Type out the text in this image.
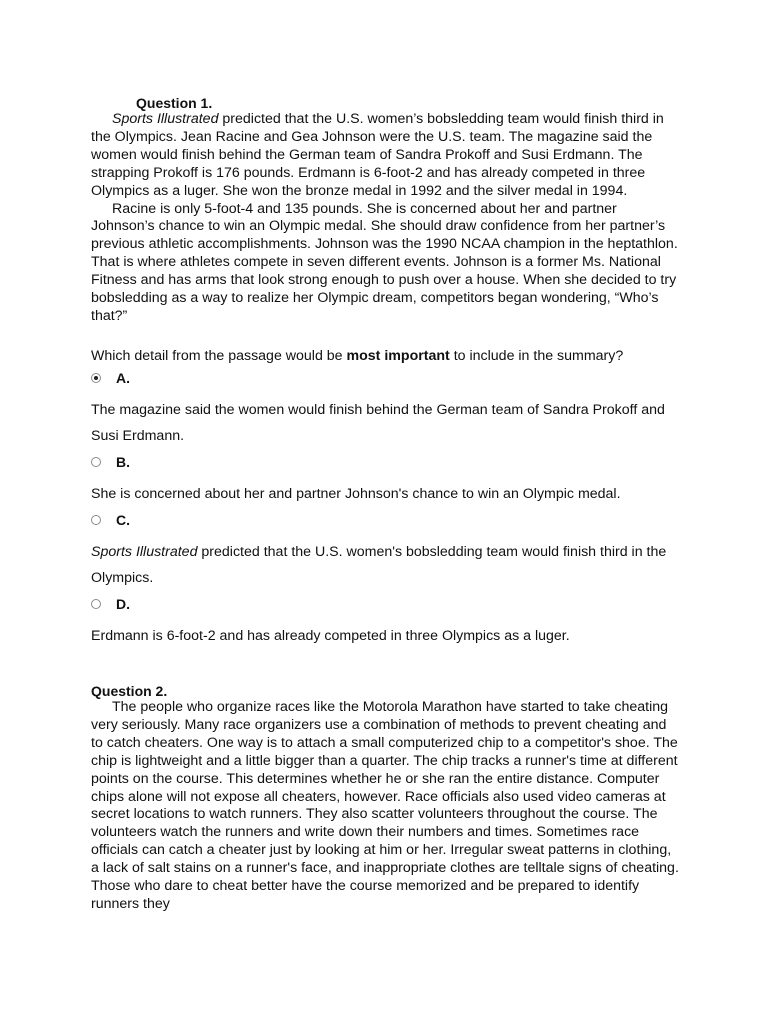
Question 1.

Sports Illustrated predicted that the U.S. women’s bobsledding team would finish third in the Olympics. Jean Racine and Gea Johnson were the U.S. team. The magazine said the women would finish behind the German team of Sandra Prokoff and Susi Erdmann. The strapping Prokoff is 176 pounds. Erdmann is 6-foot-2 and has already competed in three Olympics as a luger. She won the bronze medal in 1992 and the silver medal in 1994.

Racine is only 5-foot-4 and 135 pounds. She is concerned about her and partner Johnson’s chance to win an Olympic medal. She should draw confidence from her partner’s previous athletic accomplishments. Johnson was the 1990 NCAA champion in the heptathlon. That is where athletes compete in seven different events. Johnson is a former Ms. National Fitness and has arms that look strong enough to push over a house. When she decided to try bobsledding as a way to realize her Olympic dream, competitors began wondering, “Who’s that?”

Which detail from the passage would be most important to include in the summary?
A.
The magazine said the women would finish behind the German team of Sandra Prokoff and Susi Erdmann.
B.
She is concerned about her and partner Johnson's chance to win an Olympic medal.
C.
Sports Illustrated predicted that the U.S. women's bobsledding team would finish third in the Olympics.
D.
Erdmann is 6-foot-2 and has already competed in three Olympics as a luger.
Question 2.

The people who organize races like the Motorola Marathon have started to take cheating very seriously. Many race organizers use a combination of methods to prevent cheating and to catch cheaters. One way is to attach a small computerized chip to a competitor's shoe. The chip is lightweight and a little bigger than a quarter. The chip tracks a runner's time at different points on the course. This determines whether he or she ran the entire distance. Computer chips alone will not expose all cheaters, however. Race officials also used video cameras at secret locations to watch runners. They also scatter volunteers throughout the course. The volunteers watch the runners and write down their numbers and times. Sometimes race officials can catch a cheater just by looking at him or her. Irregular sweat patterns in clothing, a lack of salt stains on a runner's face, and inappropriate clothes are telltale signs of cheating. Those who dare to cheat better have the course memorized and be prepared to identify runners they
